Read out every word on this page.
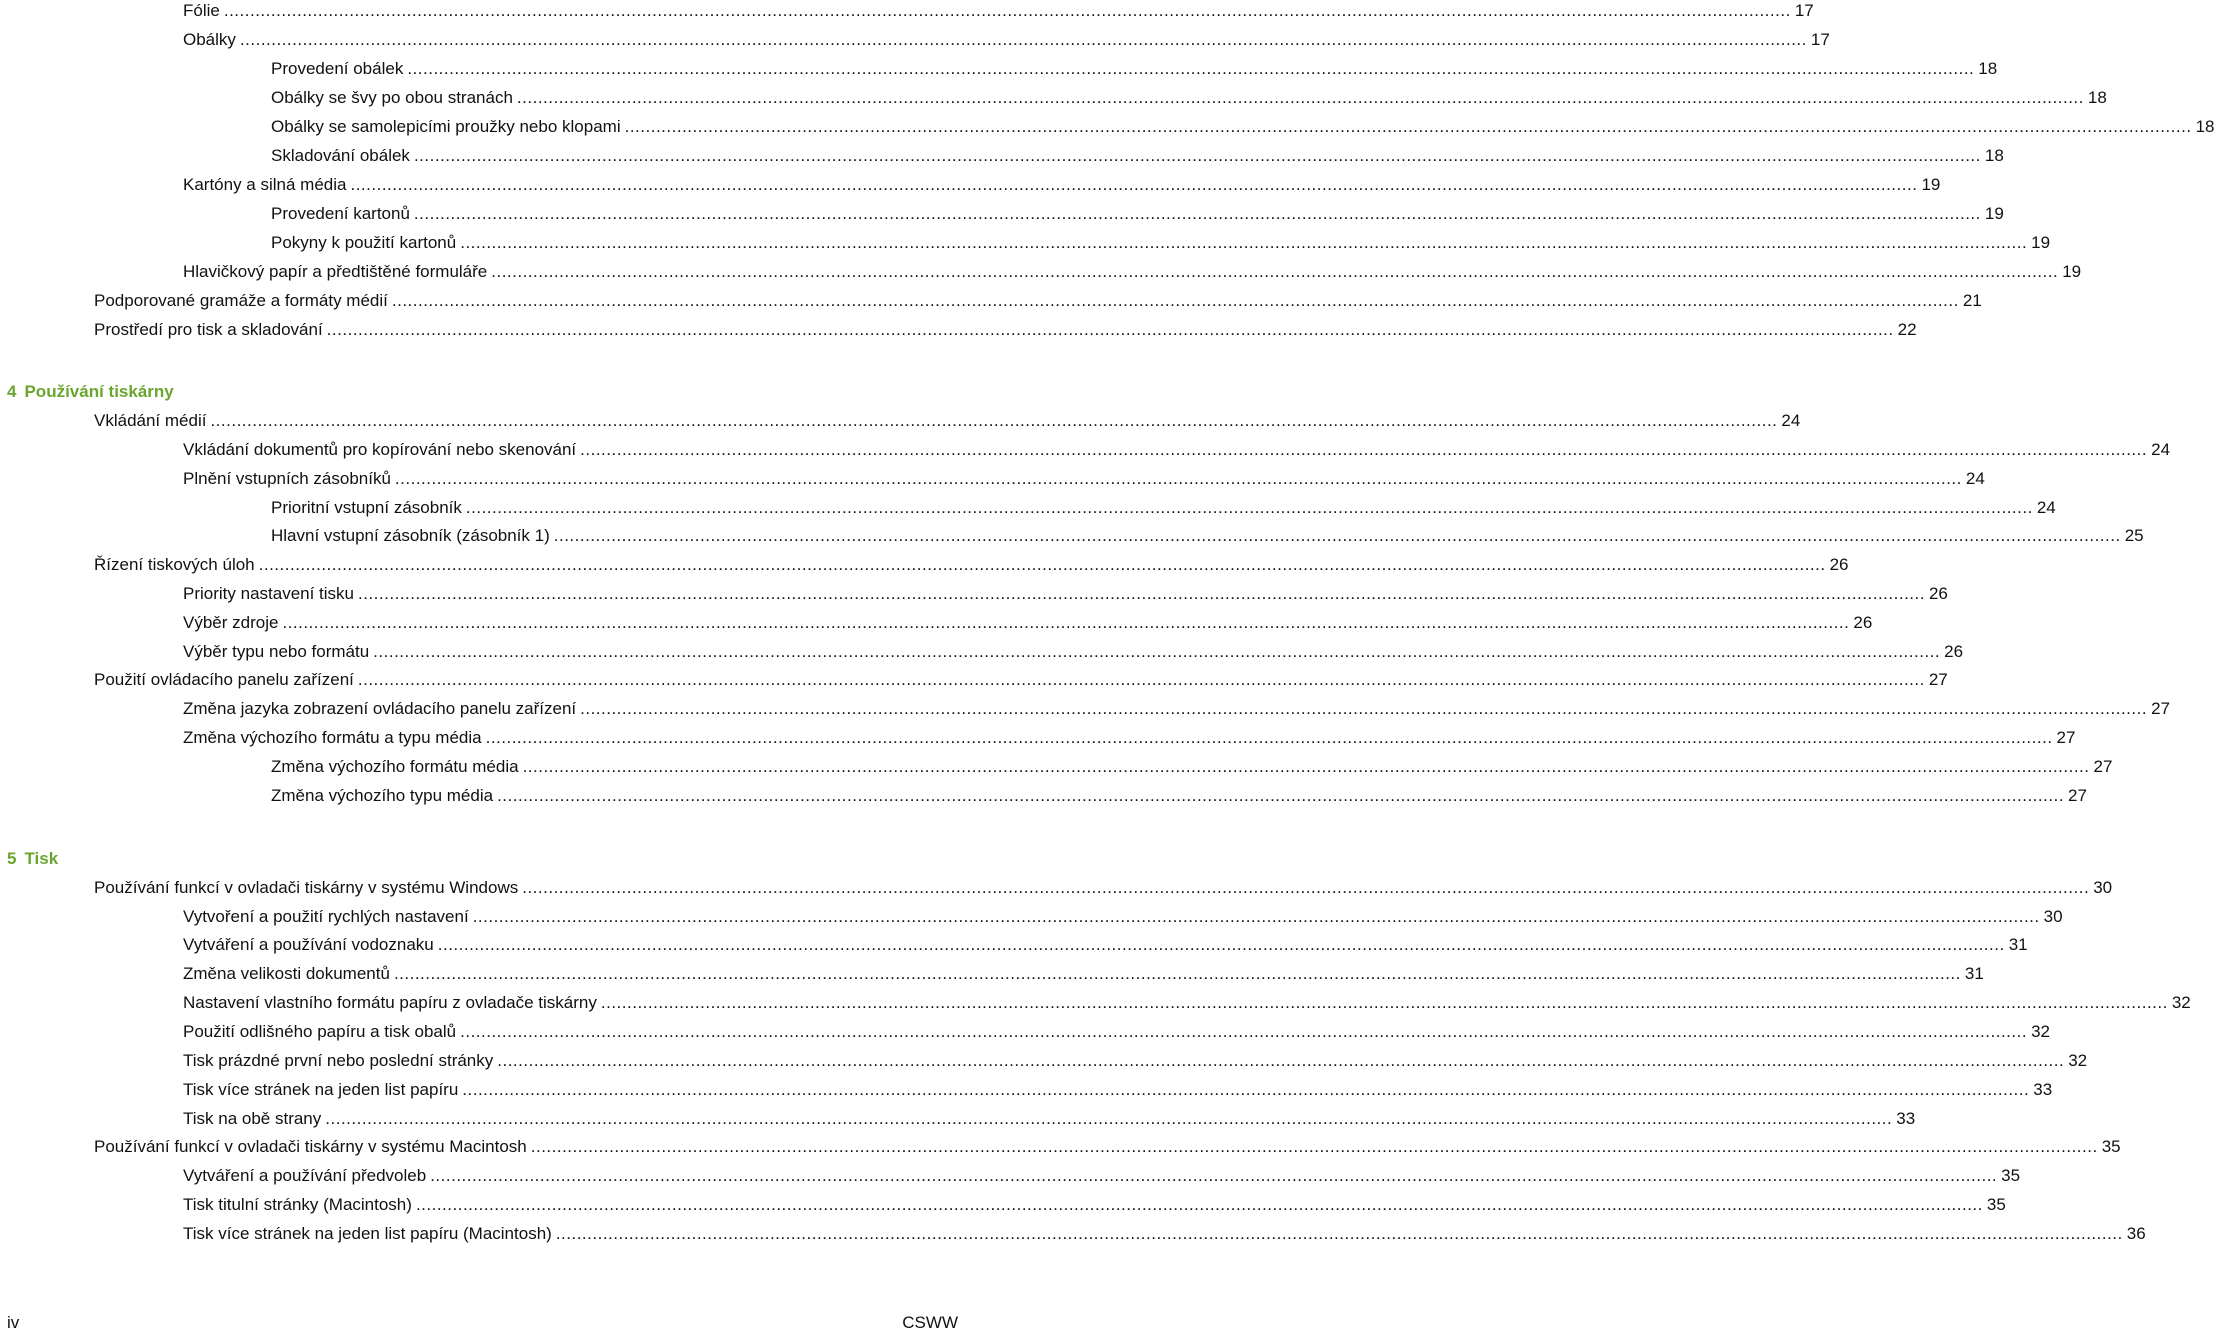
Fólie ............................................................................................................................................................................................................................................................................................................ 17
Obálky ............................................................................................................................................................................................................................................................................................................ 17
Provedení obálek ............................................................................................................................................................................................................................................................................................................ 18
Obálky se švy po obou stranách ............................................................................................................................................................................................................................................................................................................ 18
Obálky se samolepicími proužky nebo klopami ............................................................................................................................................................................................................................................................................................................ 18
Skladování obálek ............................................................................................................................................................................................................................................................................................................ 18
Kartóny a silná média ............................................................................................................................................................................................................................................................................................................ 19
Provedení kartonů ............................................................................................................................................................................................................................................................................................................ 19
Pokyny k použití kartonů ............................................................................................................................................................................................................................................................................................................ 19
Hlavičkový papír a předtištěné formuláře ............................................................................................................................................................................................................................................................................................................ 19
Podporované gramáže a formáty médií ............................................................................................................................................................................................................................................................................................................ 21
Prostředí pro tisk a skladování ............................................................................................................................................................................................................................................................................................................ 22
4 Používání tiskárny
Vkládání médií ............................................................................................................................................................................................................................................................................................................ 24
Vkládání dokumentů pro kopírování nebo skenování ............................................................................................................................................................................................................................................................................................................ 24
Plnění vstupních zásobníků ............................................................................................................................................................................................................................................................................................................ 24
Prioritní vstupní zásobník ............................................................................................................................................................................................................................................................................................................ 24
Hlavní vstupní zásobník (zásobník 1) ............................................................................................................................................................................................................................................................................................................ 25
Řízení tiskových úloh ............................................................................................................................................................................................................................................................................................................ 26
Priority nastavení tisku ............................................................................................................................................................................................................................................................................................................ 26
Výběr zdroje ............................................................................................................................................................................................................................................................................................................ 26
Výběr typu nebo formátu ............................................................................................................................................................................................................................................................................................................ 26
Použití ovládacího panelu zařízení ............................................................................................................................................................................................................................................................................................................ 27
Změna jazyka zobrazení ovládacího panelu zařízení ............................................................................................................................................................................................................................................................................................................ 27
Změna výchozího formátu a typu média ............................................................................................................................................................................................................................................................................................................ 27
Změna výchozího formátu média ............................................................................................................................................................................................................................................................................................................ 27
Změna výchozího typu média ............................................................................................................................................................................................................................................................................................................ 27
5 Tisk
Používání funkcí v ovladači tiskárny v systému Windows ............................................................................................................................................................................................................................................................................................................ 30
Vytvoření a použití rychlých nastavení ............................................................................................................................................................................................................................................................................................................ 30
Vytváření a používání vodoznaku ............................................................................................................................................................................................................................................................................................................ 31
Změna velikosti dokumentů ............................................................................................................................................................................................................................................................................................................ 31
Nastavení vlastního formátu papíru z ovladače tiskárny ............................................................................................................................................................................................................................................................................................................ 32
Použití odlišného papíru a tisk obalů ............................................................................................................................................................................................................................................................................................................ 32
Tisk prázdné první nebo poslední stránky ............................................................................................................................................................................................................................................................................................................ 32
Tisk více stránek na jeden list papíru ............................................................................................................................................................................................................................................................................................................ 33
Tisk na obě strany ............................................................................................................................................................................................................................................................................................................ 33
Používání funkcí v ovladači tiskárny v systému Macintosh ............................................................................................................................................................................................................................................................................................................ 35
Vytváření a používání předvoleb ............................................................................................................................................................................................................................................................................................................ 35
Tisk titulní stránky (Macintosh) ............................................................................................................................................................................................................................................................................................................ 35
Tisk více stránek na jeden list papíru (Macintosh) ............................................................................................................................................................................................................................................................................................................ 36
iv	CSWW
